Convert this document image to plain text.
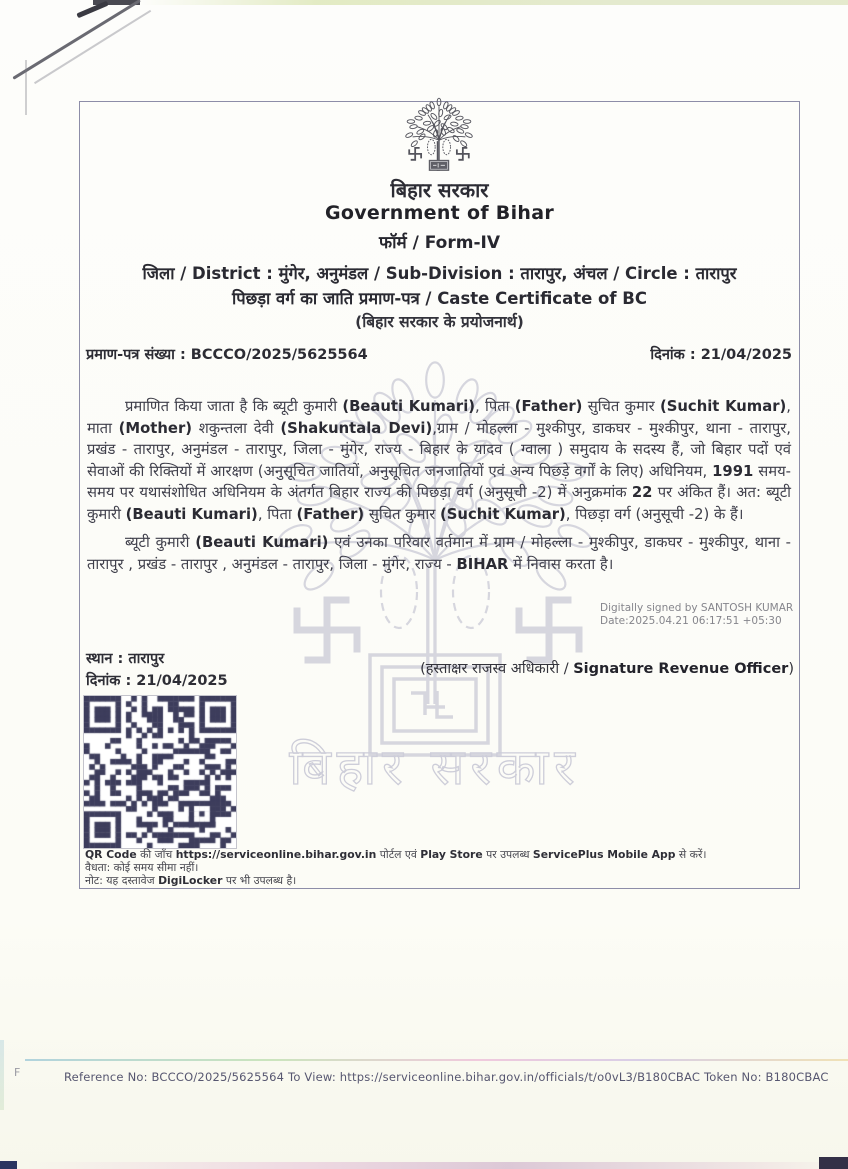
बिहार सरकार
बिहार सरकार
Government of Bihar
फॉर्म / Form-IV
जिला / District : मुंगेर, अनुमंडल / Sub-Division : तारापुर, अंचल / Circle : तारापुर
पिछड़ा वर्ग का जाति प्रमाण-पत्र / Caste Certificate of BC
(बिहार सरकार के प्रयोजनार्थ)
प्रमाण-पत्र संख्या : BCCCO/2025/5625564	दिनांक : 21/04/2025
प्रमाणित किया जाता है कि ब्यूटी कुमारी (Beauti Kumari), पिता (Father) सुचित कुमार (Suchit Kumar), माता (Mother) शकुन्तला देवी (Shakuntala Devi),ग्राम / मोहल्ला - मुश्कीपुर, डाकघर - मुश्कीपुर, थाना - तारापुर, प्रखंड - तारापुर, अनुमंडल - तारापुर, जिला - मुंगेर, राज्य - बिहार के यादव ( ग्वाला ) समुदाय के सदस्य हैं, जो बिहार पदों एवं सेवाओं की रिक्तियों में आरक्षण (अनुसूचित जातियों, अनुसूचित जनजातियों एवं अन्य पिछड़े वर्गों के लिए) अधिनियम, 1991 समय-समय पर यथासंशोधित अधिनियम के अंतर्गत बिहार राज्य की पिछड़ा वर्ग (अनुसूची -2) में अनुक्रमांक 22 पर अंकित हैं। अत: ब्यूटी कुमारी (Beauti Kumari), पिता (Father) सुचित कुमार (Suchit Kumar), पिछड़ा वर्ग (अनुसूची -2) के हैं।
ब्यूटी कुमारी (Beauti Kumari) एवं उनका परिवार वर्तमान में ग्राम / मोहल्ला - मुश्कीपुर, डाकघर - मुश्कीपुर, थाना - तारापुर , प्रखंड - तारापुर , अनुमंडल - तारापुर, जिला - मुंगेर, राज्य - BIHAR में निवास करता है।
Digitally signed by SANTOSH KUMAR
Date:2025.04.21 06:17:51 +05:30
स्थान : तारापुर
दिनांक : 21/04/2025
(हस्ताक्षर राजस्व अधिकारी / Signature Revenue Officer)
QR Code की जाँच https://serviceonline.bihar.gov.in पोर्टल एवं Play Store पर उपलब्ध ServicePlus Mobile App से करें।
वैधता: कोई समय सीमा नहीं।
नोट: यह दस्तावेज DigiLocker पर भी उपलब्ध है।
F	Reference No: BCCCO/2025/5625564 To View: https://serviceonline.bihar.gov.in/officials/t/o0vL3/B180CBAC Token No: B180CBAC
